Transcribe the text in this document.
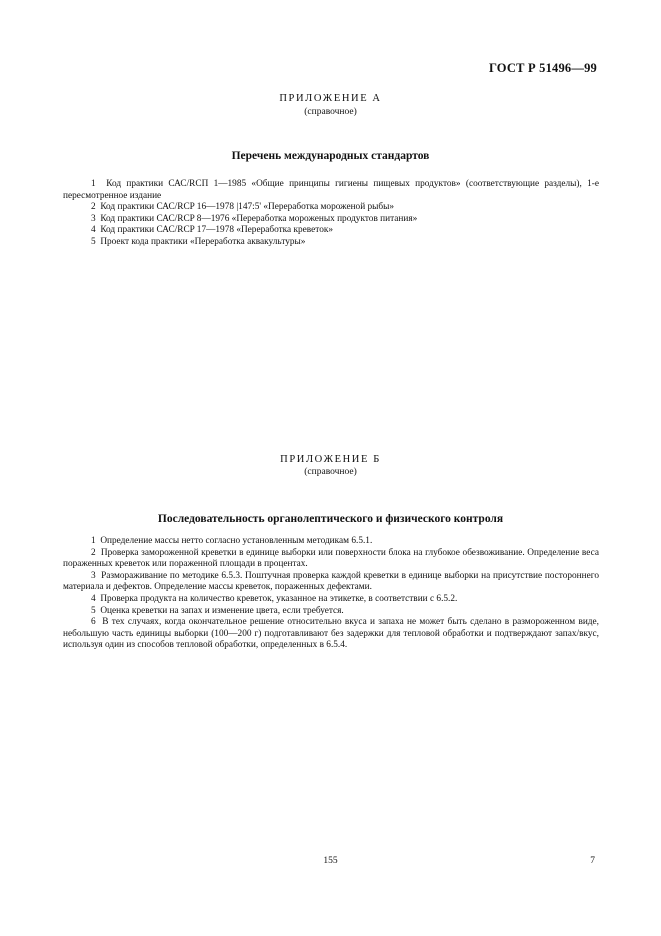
ГОСТ Р 51496—99
ПРИЛОЖЕНИЕ А
(справочное)
Перечень международных стандартов

1 Код практики САС/RСП 1—1985 «Общие принципы гигиены пищевых продуктов» (соответствующие разделы), 1-е пересмотренное издание

2 Код практики САС/RCP 16—1978 |147:5' «Переработка мороженой рыбы»

3 Код практики САС/RCP 8—1976 «Переработка мороженых продуктов питания»

4 Код практики САС/RCP 17—1978 «Переработка креветок»

5 Проект кода практики «Переработка аквакультуры»

ПРИЛОЖЕНИЕ Б
(справочное)
Последовательность органолептического и физического контроля

1 Определение массы нетто согласно установленным методикам 6.5.1.

2 Проверка замороженной креветки в единице выборки или поверхности блока на глубокое обезвоживание. Определение веса пораженных креветок или пораженной площади в процентах.

3 Размораживание по методике 6.5.3. Поштучная проверка каждой креветки в единице выборки на присутствие постороннего материала и дефектов. Определение массы креветок, пораженных дефектами.

4 Проверка продукта на количество креветок, указанное на этикетке, в соответствии с 6.5.2.

5 Оценка креветки на запах и изменение цвета, если требуется.

6 В тех случаях, когда окончательное решение относительно вкуса и запаха не может быть сделано в размороженном виде, небольшую часть единицы выборки (100—200 г) подготавливают без задержки для тепловой обработки и подтверждают запах/вкус, используя один из способов тепловой обработки, определенных в 6.5.4.

155	7
